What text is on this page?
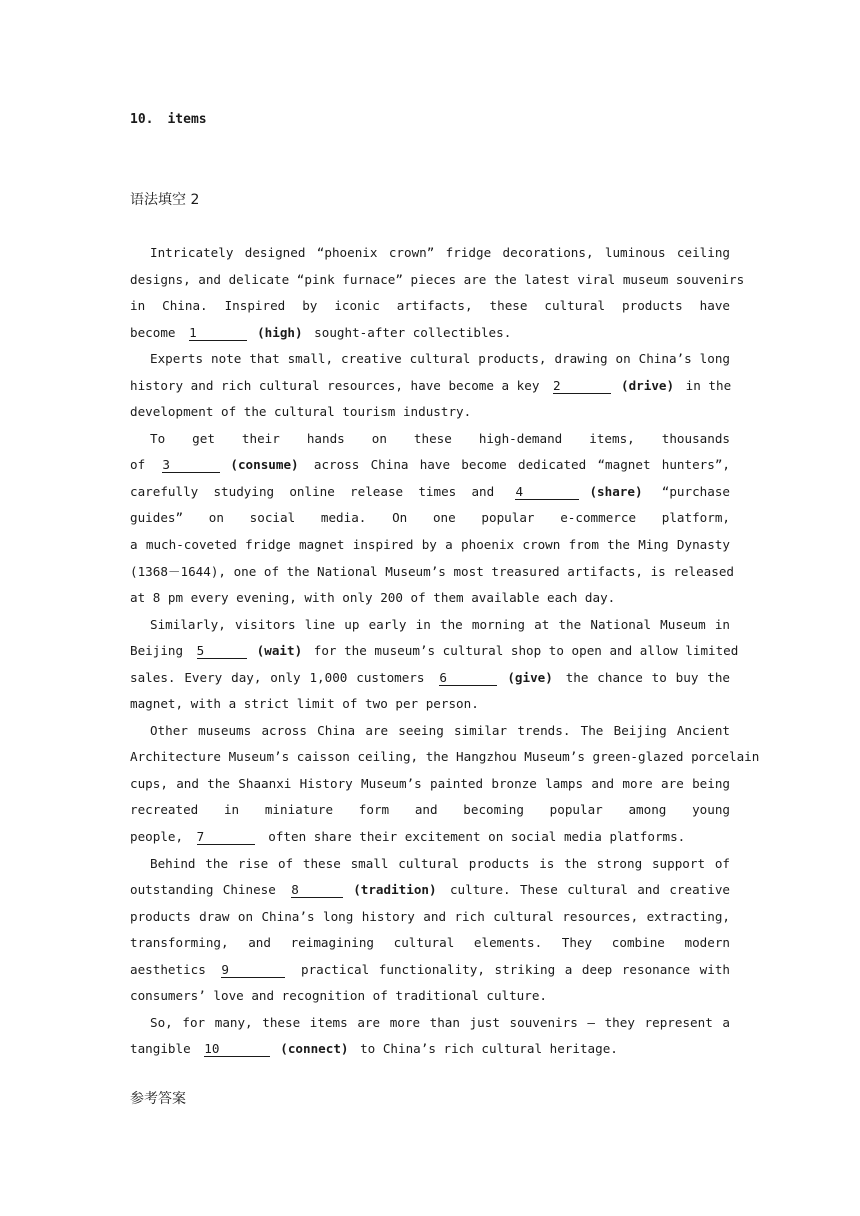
10. items
语法填空 2
Intricately designed “phoenix crown” fridge decorations, luminous ceiling
designs, and delicate “pink furnace” pieces are the latest viral museum souvenirs
in China. Inspired by iconic artifacts, these cultural products have
become 1	(high) sought-after collectibles.
Experts note that small, creative cultural products, drawing on China’s long
history and rich cultural resources, have become a key 2	(drive) in the
development of the cultural tourism industry.
To get their hands on these high-demand items, thousands
of 3	(consume) across China have become dedicated “magnet hunters”,
carefully studying online release times and 4	(share) “purchase
guides” on social media. On one popular e-commerce platform,
a much-coveted fridge magnet inspired by a phoenix crown from the Ming Dynasty
(1368－1644), one of the National Museum’s most treasured artifacts, is released
at 8 pm every evening, with only 200 of them available each day.
Similarly, visitors line up early in the morning at the National Museum in
Beijing 5	(wait) for the museum’s cultural shop to open and allow limited
sales. Every day, only 1,000 customers 6	(give) the chance to buy the
magnet, with a strict limit of two per person.
Other museums across China are seeing similar trends. The Beijing Ancient
Architecture Museum’s caisson ceiling, the Hangzhou Museum’s green-glazed porcelain
cups, and the Shaanxi History Museum’s painted bronze lamps and more are being
recreated in miniature form and becoming popular among young
people, 7	often share their excitement on social media platforms.
Behind the rise of these small cultural products is the strong support of
outstanding Chinese 8	(tradition) culture. These cultural and creative
products draw on China’s long history and rich cultural resources, extracting,
transforming, and reimagining cultural elements. They combine modern
aesthetics 9	practical functionality, striking a deep resonance with
consumers’ love and recognition of traditional culture.
So, for many, these items are more than just souvenirs — they represent a
tangible 10	(connect) to China’s rich cultural heritage.
参考答案
